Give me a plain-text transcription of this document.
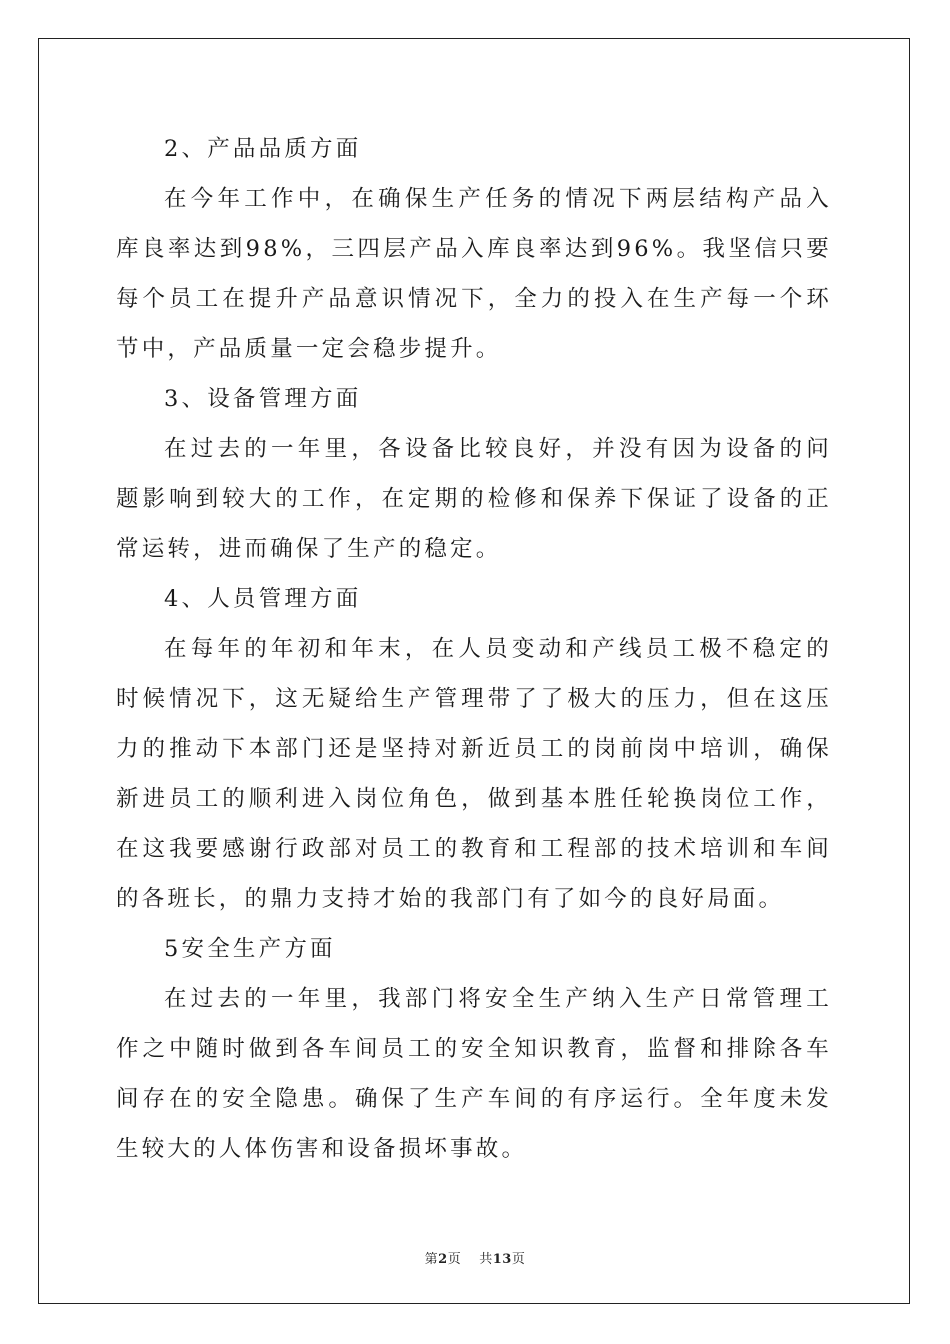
2、产品品质方面

在今年工作中，在确保生产任务的情况下两层结构产品入库良率达到98%，三四层产品入库良率达到96%。我坚信只要每个员工在提升产品意识情况下，全力的投入在生产每一个环节中，产品质量一定会稳步提升。

3、设备管理方面

在过去的一年里，各设备比较良好，并没有因为设备的问题影响到较大的工作，在定期的检修和保养下保证了设备的正常运转，进而确保了生产的稳定。

4、人员管理方面

在每年的年初和年末，在人员变动和产线员工极不稳定的时候情况下，这无疑给生产管理带了了极大的压力，但在这压力的推动下本部门还是坚持对新近员工的岗前岗中培训，确保新进员工的顺利进入岗位角色，做到基本胜任轮换岗位工作，在这我要感谢行政部对员工的教育和工程部的技术培训和车间的各班长，的鼎力支持才始的我部门有了如今的良好局面。

5安全生产方面

在过去的一年里，我部门将安全生产纳入生产日常管理工作之中随时做到各车间员工的安全知识教育，监督和排除各车间存在的安全隐患。确保了生产车间的有序运行。全年度未发生较大的人体伤害和设备损坏事故。

第2页 共13页
